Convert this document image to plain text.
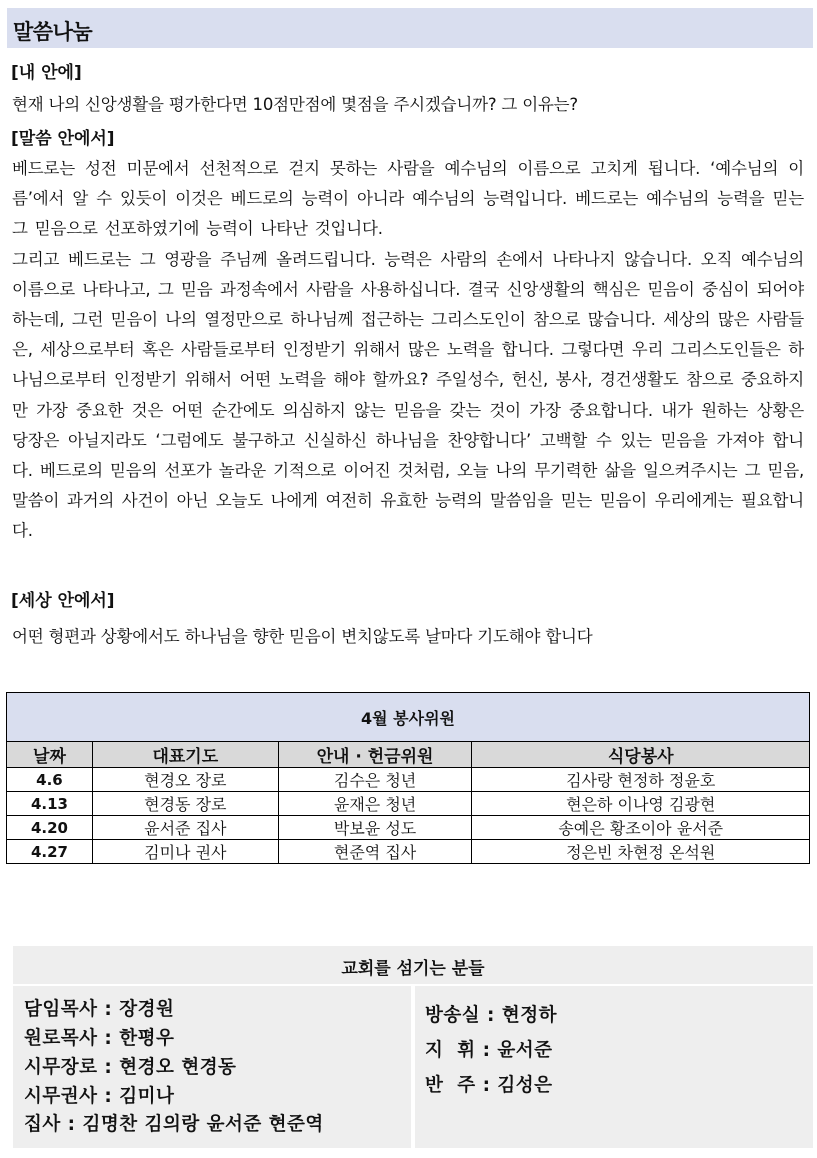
말씀나눔
[내 안에]
현재 나의 신앙생활을 평가한다면 10점만점에 몇점을 주시겠습니까? 그 이유는?
[말씀 안에서]
베드로는 성전 미문에서 선천적으로 걷지 못하는 사람을 예수님의 이름으로 고치게 됩니다. ‘예수님의 이름’에서 알 수 있듯이 이것은 베드로의 능력이 아니라 예수님의 능력입니다. 베드로는 예수님의 능력을 믿는 그 믿음으로 선포하였기에 능력이 나타난 것입니다.
그리고 베드로는 그 영광을 주님께 올려드립니다. 능력은 사람의 손에서 나타나지 않습니다. 오직 예수님의 이름으로 나타나고, 그 믿음 과정속에서 사람을 사용하십니다. 결국 신앙생활의 핵심은 믿음이 중심이 되어야 하는데, 그런 믿음이 나의 열정만으로 하나님께 접근하는 그리스도인이 참으로 많습니다. 세상의 많은 사람들은, 세상으로부터 혹은 사람들로부터 인정받기 위해서 많은 노력을 합니다. 그렇다면 우리 그리스도인들은 하나님으로부터 인정받기 위해서 어떤 노력을 해야 할까요? 주일성수, 헌신, 봉사, 경건생활도 참으로 중요하지만 가장 중요한 것은 어떤 순간에도 의심하지 않는 믿음을 갖는 것이 가장 중요합니다. 내가 원하는 상황은 당장은 아닐지라도 ‘그럼에도 불구하고 신실하신 하나님을 찬양합니다’ 고백할 수 있는 믿음을 가져야 합니다. 베드로의 믿음의 선포가 놀라운 기적으로 이어진 것처럼, 오늘 나의 무기력한 삶을 일으켜주시는 그 믿음, 말씀이 과거의 사건이 아닌 오늘도 나에게 여전히 유효한 능력의 말씀임을 믿는 믿음이 우리에게는 필요합니다.
[세상 안에서]
어떤 형편과 상황에서도 하나님을 향한 믿음이 변치않도록 날마다 기도해야 합니다
4월 봉사위원			
날짜	대표기도	안내 · 헌금위원	식당봉사
4.6	현경오 장로	김수은 청년	김사랑 현정하 정윤호
4.13	현경동 장로	윤재은 청년	현은하 이나영 김광현
4.20	윤서준 집사	박보윤 성도	송예은 황조이아 윤서준
4.27	김미나 권사	현준역 집사	정은빈 차현정 온석원
교회를 섬기는 분들
담임목사 : 장경원
원로목사 : 한평우
시무장로 : 현경오 현경동
시무권사 : 김미나
집사 : 김명찬 김의랑 윤서준 현준역
방송실 : 현정하
지  휘 : 윤서준
반  주 : 김성은
